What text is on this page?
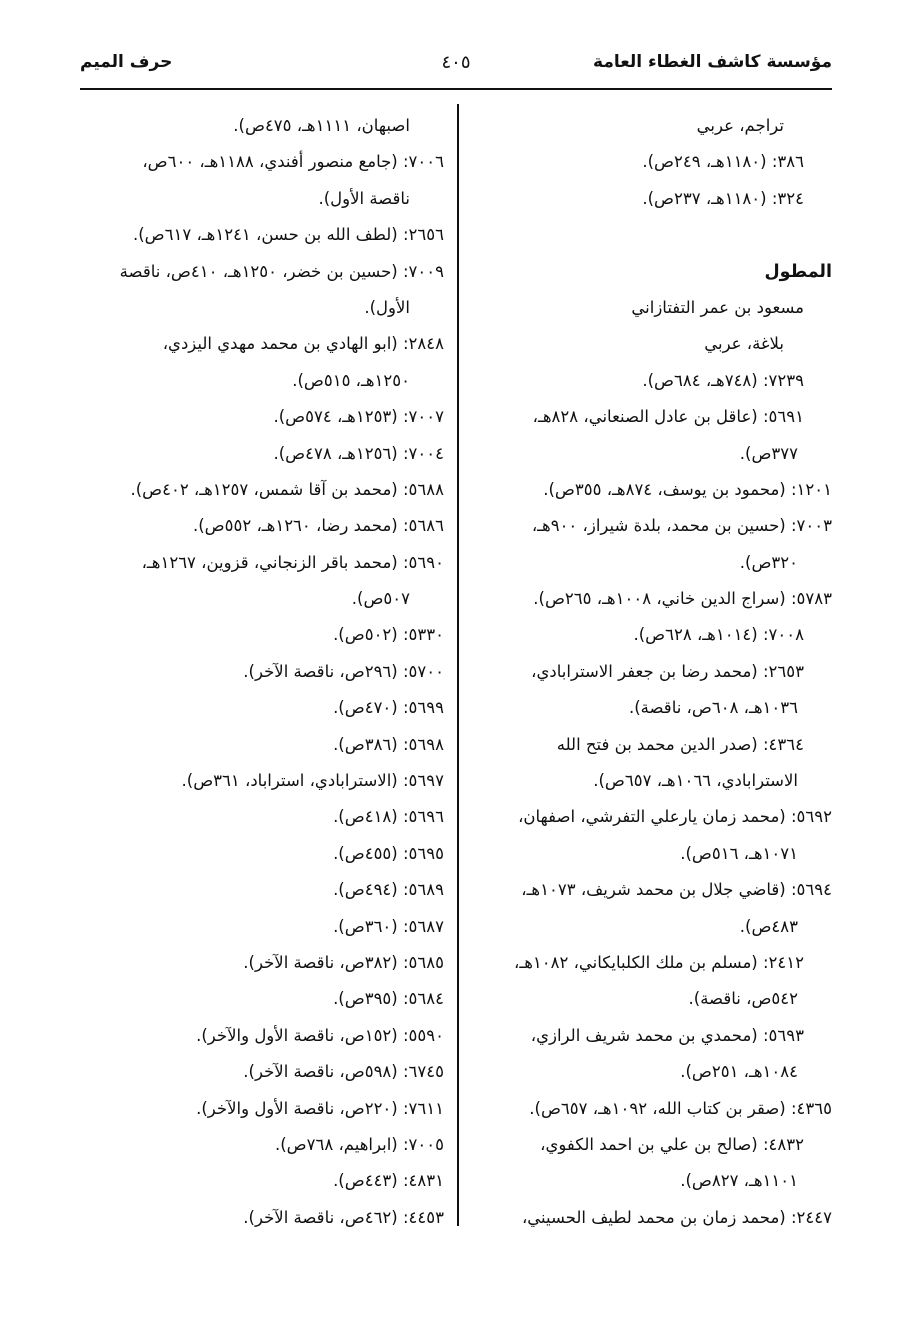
مؤسسة كاشف الغطاء العامة
٤٠٥
حرف الميم
تراجم، عربي
٣٨٦: (١١٨٠هـ، ٢٤٩ص).
٣٢٤: (١١٨٠هـ، ٢٣٧ص).
المطول
مسعود بن عمر التفتازاني
بلاغة، عربي
٧٢٣٩: (٧٤٨هـ، ٦٨٤ص).
٥٦٩١: (عاقل بن عادل الصنعاني، ٨٢٨هـ،
٣٧٧ص).
١٢٠١: (محمود بن يوسف، ٨٧٤هـ، ٣٥٥ص).
٧٠٠٣: (حسين بن محمد، بلدة شيراز، ٩٠٠هـ،
٣٢٠ص).
٥٧٨٣: (سراج الدين خاني، ١٠٠٨هـ، ٢٦٥ص).
٧٠٠٨: (١٠١٤هـ، ٦٢٨ص).
٢٦٥٣: (محمد رضا بن جعفر الاسترابادي،
١٠٣٦هـ، ٦٠٨ص، ناقصة).
٤٣٦٤: (صدر الدين محمد بن فتح الله
الاسترابادي، ١٠٦٦هـ، ٦٥٧ص).
٥٦٩٢: (محمد زمان يارعلي التفرشي، اصفهان،
١٠٧١هـ، ٥١٦ص).
٥٦٩٤: (قاضي جلال بن محمد شريف، ١٠٧٣هـ،
٤٨٣ص).
٢٤١٢: (مسلم بن ملك الكلبايكاني، ١٠٨٢هـ،
٥٤٢ص، ناقصة).
٥٦٩٣: (محمدي بن محمد شريف الرازي،
١٠٨٤هـ، ٢٥١ص).
٤٣٦٥: (صقر بن كتاب الله، ١٠٩٢هـ، ٦٥٧ص).
٤٨٣٢: (صالح بن علي بن احمد الكفوي،
١١٠١هـ، ٨٢٧ص).
٢٤٤٧: (محمد زمان بن محمد لطيف الحسيني،
اصبهان، ١١١١هـ، ٤٧٥ص).
٧٠٠٦: (جامع منصور أفندي، ١١٨٨هـ، ٦٠٠ص،
ناقصة الأول).
٢٦٥٦: (لطف الله بن حسن، ١٢٤١هـ، ٦١٧ص).
٧٠٠٩: (حسين بن خضر، ١٢٥٠هـ، ٤١٠ص، ناقصة
الأول).
٢٨٤٨: (ابو الهادي بن محمد مهدي اليزدي،
١٢٥٠هـ، ٥١٥ص).
٧٠٠٧: (١٢٥٣هـ، ٥٧٤ص).
٧٠٠٤: (١٢٥٦هـ، ٤٧٨ص).
٥٦٨٨: (محمد بن آقا شمس، ١٢٥٧هـ، ٤٠٢ص).
٥٦٨٦: (محمد رضا، ١٢٦٠هـ، ٥٥٢ص).
٥٦٩٠: (محمد باقر الزنجاني، قزوين، ١٢٦٧هـ،
٥٠٧ص).
٥٣٣٠: (٥٠٢ص).
٥٧٠٠: (٢٩٦ص، ناقصة الآخر).
٥٦٩٩: (٤٧٠ص).
٥٦٩٨: (٣٨٦ص).
٥٦٩٧: (الاسترابادي، استراباد، ٣٦١ص).
٥٦٩٦: (٤١٨ص).
٥٦٩٥: (٤٥٥ص).
٥٦٨٩: (٤٩٤ص).
٥٦٨٧: (٣٦٠ص).
٥٦٨٥: (٣٨٢ص، ناقصة الآخر).
٥٦٨٤: (٣٩٥ص).
٥٥٩٠: (١٥٢ص، ناقصة الأول والآخر).
٦٧٤٥: (٥٩٨ص، ناقصة الآخر).
٧٦١١: (٢٢٠ص، ناقصة الأول والآخر).
٧٠٠٥: (ابراهيم، ٧٦٨ص).
٤٨٣١: (٤٤٣ص).
٤٤٥٣: (٤٦٢ص، ناقصة الآخر).
